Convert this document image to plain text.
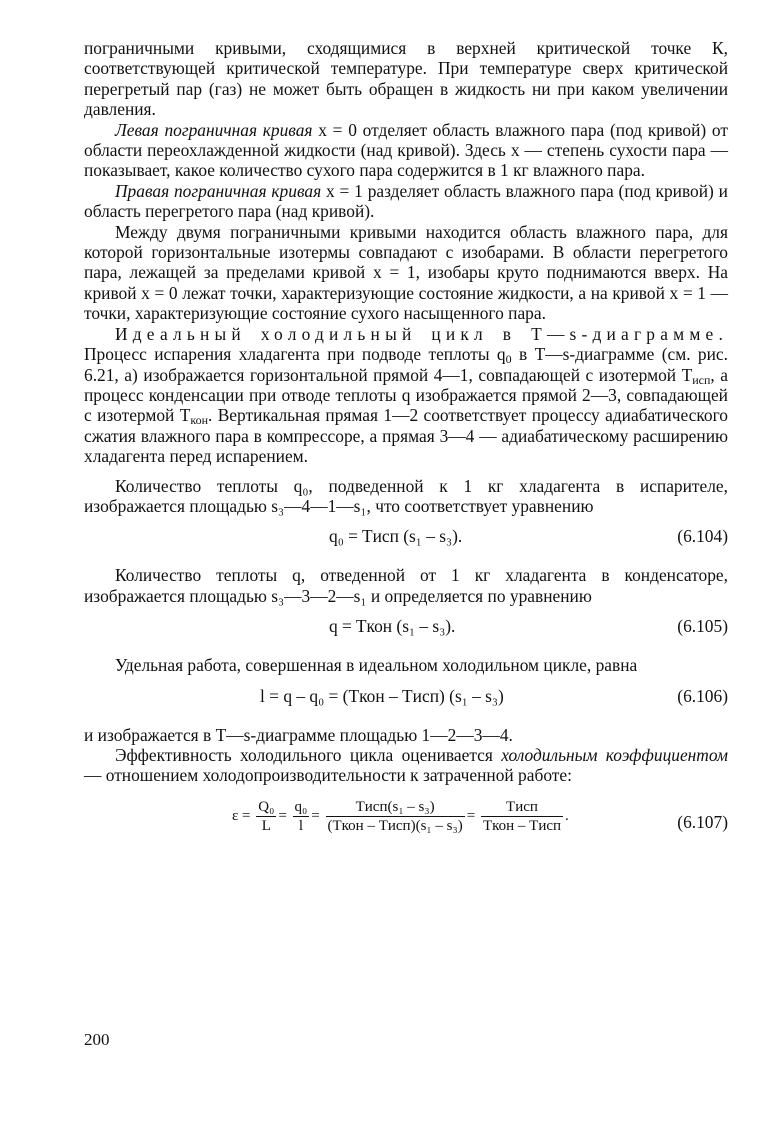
пограничными кривыми, сходящимися в верхней критической точке К, соответствующей критической температуре. При температуре сверх критической перегретый пар (газ) не может быть обращен в жидкость ни при каком увеличении давления.

Левая пограничная кривая x = 0 отделяет область влажного пара (под кривой) от области переохлажденной жидкости (над кривой). Здесь x — степень сухости пара — показывает, какое количество сухого пара содержится в 1 кг влажного пара.

Правая пограничная кривая x = 1 разделяет область влажного пара (под кривой) и область перегретого пара (над кривой).

Между двумя пограничными кривыми находится область влажного пара, для которой горизонтальные изотермы совпадают с изобарами. В области перегретого пара, лежащей за пределами кривой x = 1, изобары круто поднимаются вверх. На кривой x = 0 лежат точки, характеризующие состояние жидкости, а на кривой x = 1 — точки, характеризующие состояние сухого насыщенного пара.

Идеальный холодильный цикл в T—s-диаграмме. Процесс испарения хладагента при подводе теплоты $q_0$ в T—s-диаграмме (см. рис. 6.21, а) изображается горизонтальной прямой 4—1, совпадающей с изотермой $T_{исп}$, а процесс конденсации при отводе теплоты q изображается прямой 2—3, совпадающей с изотермой $T_{кон}$. Вертикальная прямая 1—2 соответствует процессу адиабатического сжатия влажного пара в компрессоре, а прямая 3—4 — адиабатическому расширению хладагента перед испарением.

Количество теплоты q₀, подведенной к 1 кг хладагента в испарителе, изображается площадью s₃—4—1—s₁, что соответствует уравнению

q₀ = Tисп (s₁ – s₃).	(6.104)

Количество теплоты q, отведенной от 1 кг хладагента в конденсаторе, изображается площадью s₃—3—2—s₁ и определяется по уравнению

q = Tкон (s₁ – s₃).	(6.105)

Удельная работа, совершенная в идеальном холодильном цикле, равна

l = q – q₀ = (Tкон – Tисп) (s₁ – s₃)	(6.106)

и изображается в T—s-диаграмме площадью 1—2—3—4.

Эффективность холодильного цикла оценивается холодильным коэффициентом — отношением холодопроизводительности к затраченной работе:

$\varepsilon = \frac{\text{Q₀}}{L} = \frac{\text{q₀}}{l} = \frac{\text{Tисп(s₁ – s₃)}}{\text{(Tкон – Tисп)(s₁ – s₃)}} = \frac{\text{Tисп}}{\text{Tкон – Tисп}}$ .	(6.107)
200
